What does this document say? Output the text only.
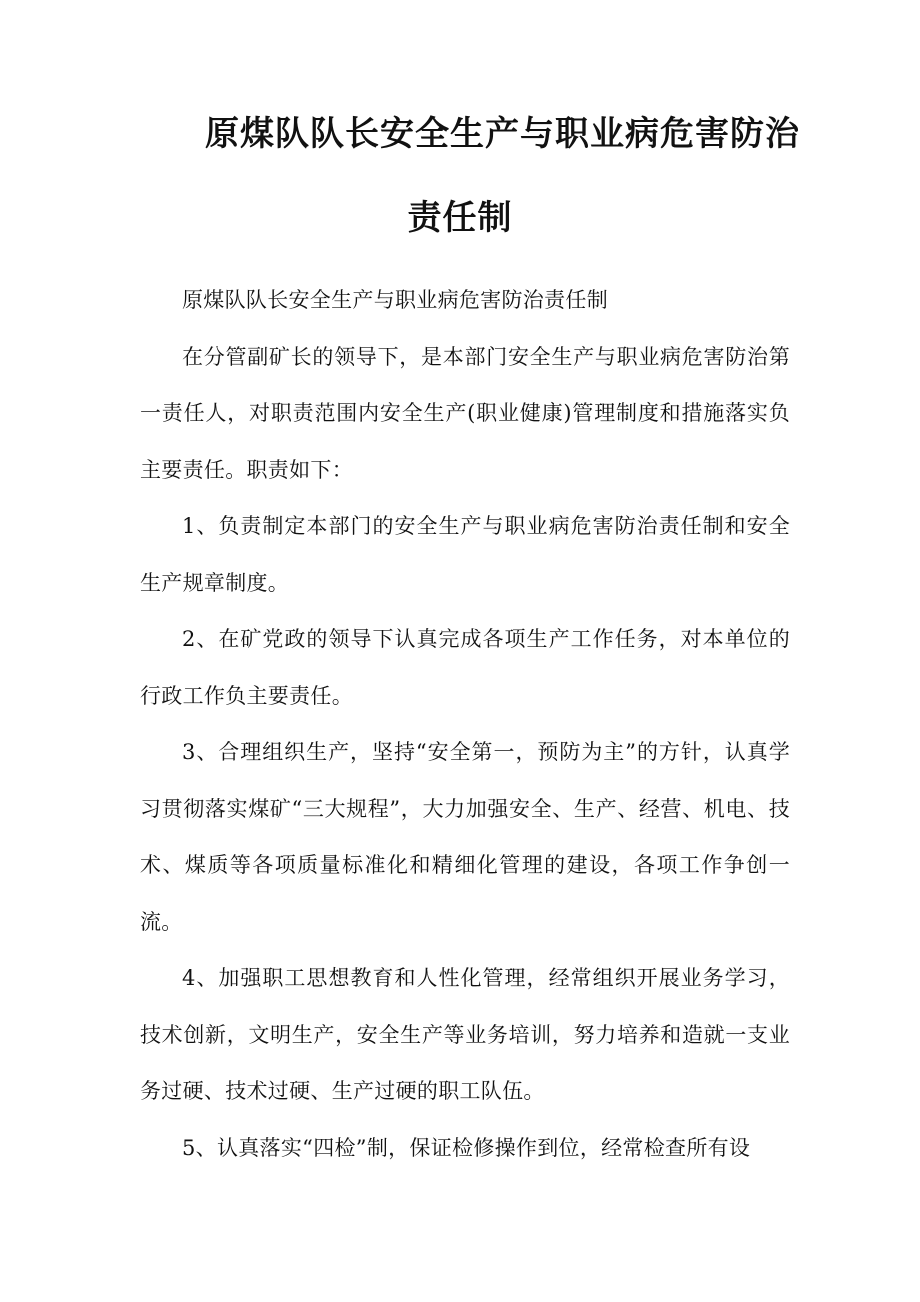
原煤队队长安全生产与职业病危害防治
责任制

原煤队队长安全生产与职业病危害防治责任制

在分管副矿长的领导下，是本部门安全生产与职业病危害防治第一责任人，对职责范围内安全生产(职业健康)管理制度和措施落实负主要责任。职责如下：

1、负责制定本部门的安全生产与职业病危害防治责任制和安全生产规章制度。

2、在矿党政的领导下认真完成各项生产工作任务，对本单位的行政工作负主要责任。

3、合理组织生产，坚持“安全第一，预防为主”的方针，认真学习贯彻落实煤矿“三大规程”，大力加强安全、生产、经营、机电、技术、煤质等各项质量标准化和精细化管理的建设，各项工作争创一流。

4、加强职工思想教育和人性化管理，经常组织开展业务学习，技术创新，文明生产，安全生产等业务培训，努力培养和造就一支业务过硬、技术过硬、生产过硬的职工队伍。

5、认真落实“四检”制，保证检修操作到位，经常检查所有设
